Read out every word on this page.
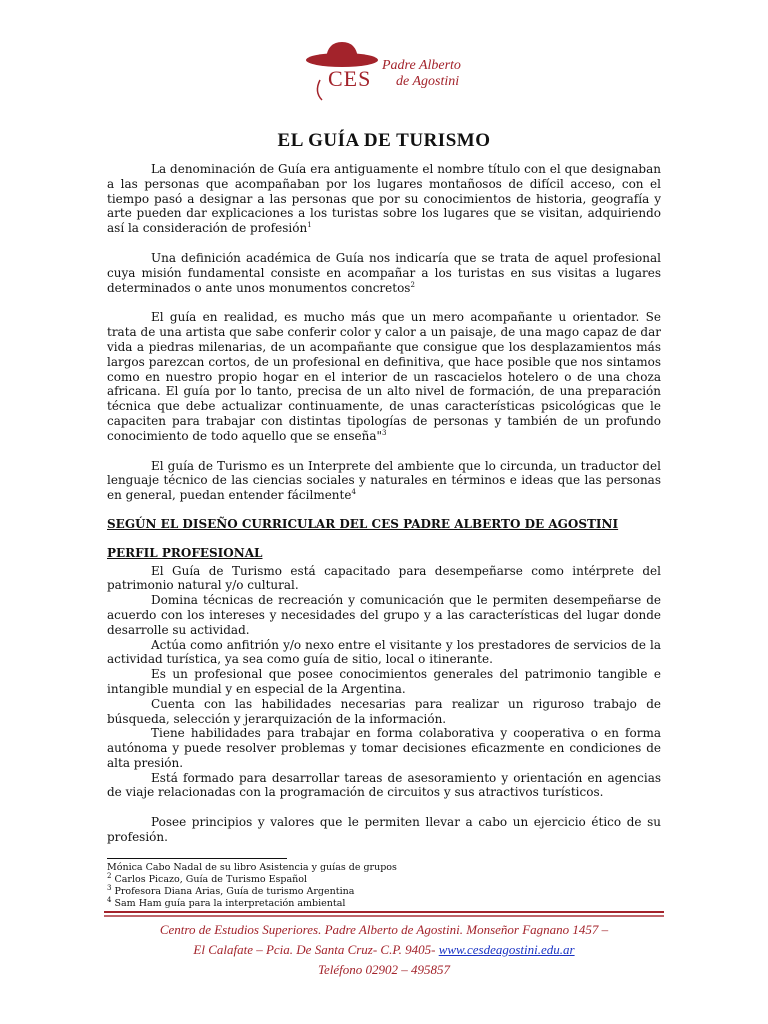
CES
Padre Alberto
de Agostini
EL GUÍA DE TURISMO

La denominación de Guía era antiguamente el nombre título con el que designaban a las personas que acompañaban por los lugares montañosos de difícil acceso, con el tiempo pasó a designar a las personas que por su conocimientos de historia, geografía y arte pueden dar explicaciones a los turistas sobre los lugares que se visitan, adquiriendo así la consideración de profesión$^1$

Una definición académica de Guía nos indicaría que se trata de aquel profesional cuya misión fundamental consiste en acompañar a los turistas en sus visitas a lugares determinados o ante unos monumentos concretos$^2$

El guía en realidad, es mucho más que un mero acompañante u orientador. Se trata de una artista que sabe conferir color y calor a un paisaje, de una mago capaz de dar vida a piedras milenarias, de un acompañante que consigue que los desplazamientos más largos parezcan cortos, de un profesional en definitiva, que hace posible que nos sintamos como en nuestro propio hogar en el interior de un rascacielos hotelero o de una choza africana. El guía por lo tanto, precisa de un alto nivel de formación, de una preparación técnica que debe actualizar continuamente, de unas características psicológicas que le capaciten para trabajar con distintas tipologías de personas y también de un profundo conocimiento de todo aquello que se enseña"$^3$

El guía de Turismo es un Interprete del ambiente que lo circunda, un traductor del lenguaje técnico de las ciencias sociales y naturales en términos e ideas que las personas en general, puedan entender fácilmente$^4$

SEGÚN EL DISEÑO CURRICULAR DEL CES PADRE ALBERTO DE AGOSTINI

PERFIL PROFESIONAL

El Guía de Turismo está capacitado para desempeñarse como intérprete del patrimonio natural y/o cultural.

Domina técnicas de recreación y comunicación que le permiten desempeñarse de acuerdo con los intereses y necesidades del grupo y a las características del lugar donde desarrolle su actividad.

Actúa como anfitrión y/o nexo entre el visitante y los prestadores de servicios de la actividad turística, ya sea como guía de sitio, local o itinerante.

Es un profesional que posee conocimientos generales del patrimonio tangible e intangible mundial y en especial de la Argentina.

Cuenta con las habilidades necesarias para realizar un riguroso trabajo de búsqueda, selección y jerarquización de la información.

Tiene habilidades para trabajar en forma colaborativa y cooperativa o en forma autónoma y puede resolver problemas y tomar decisiones eficazmente en condiciones de alta presión.

Está formado para desarrollar tareas de asesoramiento y orientación en agencias de viaje relacionadas con la programación de circuitos y sus atractivos turísticos.

Posee principios y valores que le permiten llevar a cabo un ejercicio ético de su profesión.

Mónica Cabo Nadal de su libro Asistencia y guías de grupos
$^2$ Carlos Picazo, Guía de Turismo Español
$^3$ Profesora Diana Arias, Guía de turismo Argentina
$^4$ Sam Ham guía para la interpretación ambiental
Centro de Estudios Superiores. Padre Alberto de Agostini. Monseñor Fagnano 1457 –
El Calafate – Pcia. De Santa Cruz- C.P. 9405- www.cesdeagostini.edu.ar
Teléfono 02902 – 495857
